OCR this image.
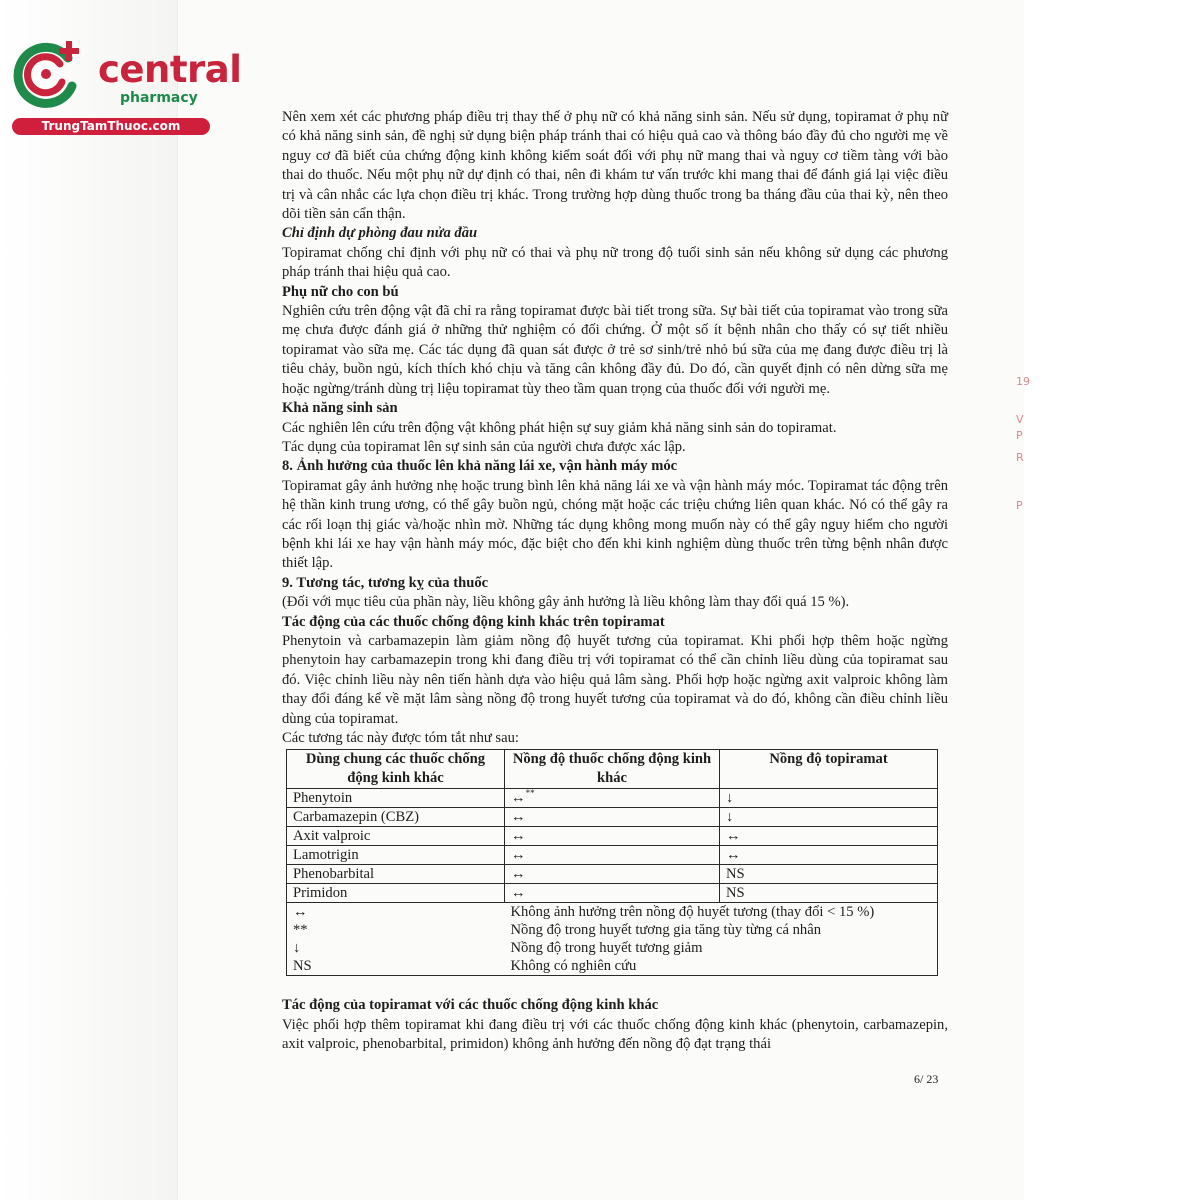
central
pharmacy
TrungTamThuoc.com
19
V
P
R
P

Nên xem xét các phương pháp điều trị thay thế ở phụ nữ có khả năng sinh sản. Nếu sử dụng, topiramat ở phụ nữ có khả năng sinh sản, đề nghị sử dụng biện pháp tránh thai có hiệu quả cao và thông báo đầy đủ cho người mẹ về nguy cơ đã biết của chứng động kinh không kiểm soát đối với phụ nữ mang thai và nguy cơ tiềm tàng với bào thai do thuốc. Nếu một phụ nữ dự định có thai, nên đi khám tư vấn trước khi mang thai để đánh giá lại việc điều trị và cân nhắc các lựa chọn điều trị khác. Trong trường hợp dùng thuốc trong ba tháng đầu của thai kỳ, nên theo dõi tiền sản cẩn thận.

Chỉ định dự phòng đau nửa đầu

Topiramat chống chỉ định với phụ nữ có thai và phụ nữ trong độ tuổi sinh sản nếu không sử dụng các phương pháp tránh thai hiệu quả cao.

Phụ nữ cho con bú

Nghiên cứu trên động vật đã chỉ ra rằng topiramat được bài tiết trong sữa. Sự bài tiết của topiramat vào trong sữa mẹ chưa được đánh giá ở những thử nghiệm có đối chứng. Ở một số ít bệnh nhân cho thấy có sự tiết nhiều topiramat vào sữa mẹ. Các tác dụng đã quan sát được ở trẻ sơ sinh/trẻ nhỏ bú sữa của mẹ đang được điều trị là tiêu chảy, buồn ngủ, kích thích khó chịu và tăng cân không đầy đủ. Do đó, cần quyết định có nên dừng sữa mẹ hoặc ngừng/tránh dùng trị liệu topiramat tùy theo tầm quan trọng của thuốc đối với người mẹ.

Khả năng sinh sản

Các nghiên lên cứu trên động vật không phát hiện sự suy giảm khả năng sinh sản do topiramat.

Tác dụng của topiramat lên sự sinh sản của người chưa được xác lập.

8. Ảnh hưởng của thuốc lên khả năng lái xe, vận hành máy móc

Topiramat gây ảnh hưởng nhẹ hoặc trung bình lên khả năng lái xe và vận hành máy móc. Topiramat tác động trên hệ thần kinh trung ương, có thể gây buồn ngủ, chóng mặt hoặc các triệu chứng liên quan khác. Nó có thể gây ra các rối loạn thị giác và/hoặc nhìn mờ. Những tác dụng không mong muốn này có thể gây nguy hiểm cho người bệnh khi lái xe hay vận hành máy móc, đặc biệt cho đến khi kinh nghiệm dùng thuốc trên từng bệnh nhân được thiết lập.

9. Tương tác, tương kỵ của thuốc

(Đối với mục tiêu của phần này, liều không gây ảnh hưởng là liều không làm thay đổi quá 15 %).

Tác động của các thuốc chống động kinh khác trên topiramat

Phenytoin và carbamazepin làm giảm nồng độ huyết tương của topiramat. Khi phối hợp thêm hoặc ngừng phenytoin hay carbamazepin trong khi đang điều trị với topiramat có thể cần chỉnh liều dùng của topiramat sau đó. Việc chỉnh liều này nên tiến hành dựa vào hiệu quả lâm sàng. Phối hợp hoặc ngừng axit valproic không làm thay đổi đáng kể về mặt lâm sàng nồng độ trong huyết tương của topiramat và do đó, không cần điều chỉnh liều dùng của topiramat.

Các tương tác này được tóm tắt như sau:

Dùng chung các thuốc chống động kinh khác	Nồng độ thuốc chống động kinh khác	Nồng độ topiramat
Phenytoin	↔**	↓
Carbamazepin (CBZ)	↔	↓
Axit valproic	↔	↔
Lamotrigin	↔	↔
Phenobarbital	↔	NS
Primidon	↔	NS
↔	Không ảnh hưởng trên nồng độ huyết tương (thay đổi < 15 %)	
**	Nồng độ trong huyết tương gia tăng tùy từng cá nhân	
↓	Nồng độ trong huyết tương giảm	
NS	Không có nghiên cứu	

Tác động của topiramat với các thuốc chống động kinh khác

Việc phối hợp thêm topiramat khi đang điều trị với các thuốc chống động kinh khác (phenytoin, carbamazepin, axit valproic, phenobarbital, primidon) không ảnh hưởng đến nồng độ đạt trạng thái

6/ 23
